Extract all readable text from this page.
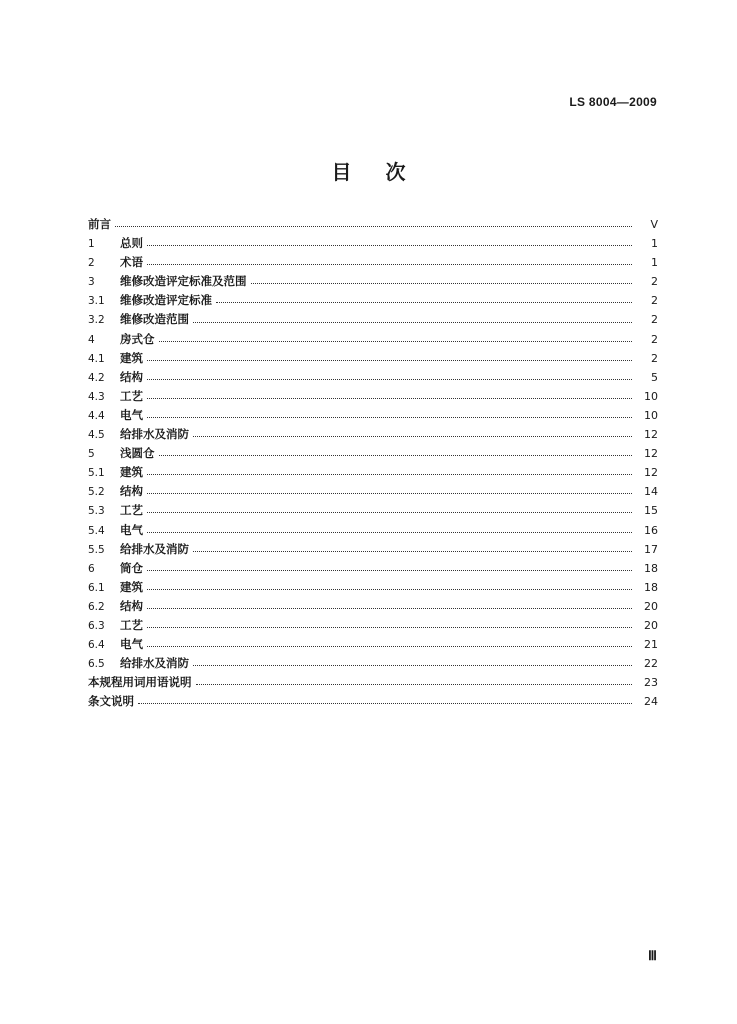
LS 8004—2009
目次
前言	V
1	总则	1
2	术语	1
3	维修改造评定标准及范围	2
3.1	维修改造评定标准	2
3.2	维修改造范围	2
4	房式仓	2
4.1	建筑	2
4.2	结构	5
4.3	工艺	10
4.4	电气	10
4.5	给排水及消防	12
5	浅圆仓	12
5.1	建筑	12
5.2	结构	14
5.3	工艺	15
5.4	电气	16
5.5	给排水及消防	17
6	筒仓	18
6.1	建筑	18
6.2	结构	20
6.3	工艺	20
6.4	电气	21
6.5	给排水及消防	22
本规程用词用语说明	23
条文说明	24
Ⅲ
